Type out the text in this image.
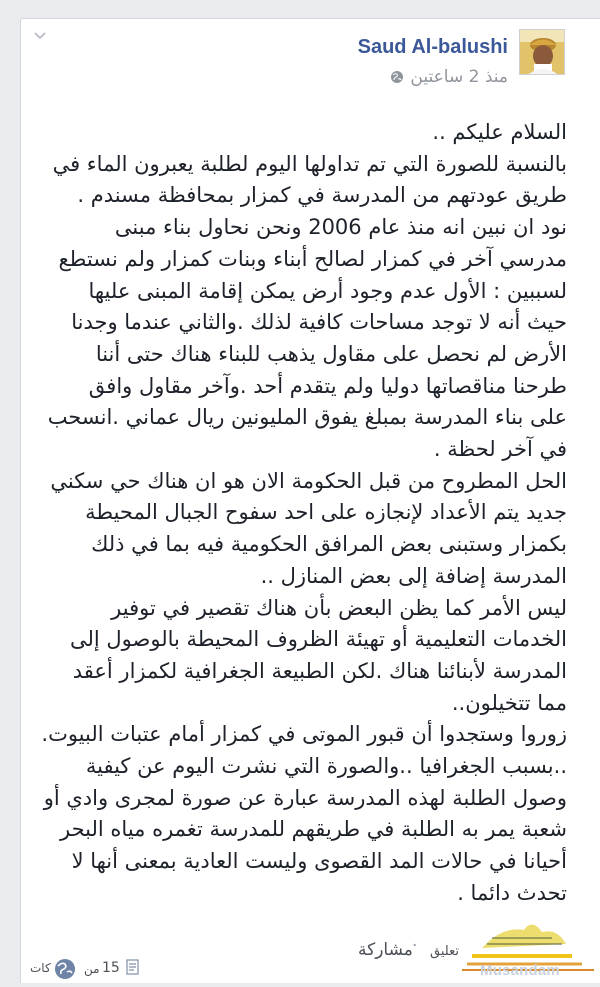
Saud Al-balushi
منذ 2 ساعتين

السلام عليكم ..

بالنسبة للصورة التي تم تداولها اليوم لطلبة يعبرون الماء في

طريق عودتهم من المدرسة في كمزار بمحافظة مسندم .

نود ان نبين انه منذ عام 2006 ونحن نحاول بناء مبنى

مدرسي آخر في كمزار لصالح أبناء وبنات كمزار ولم نستطع

لسببين : الأول عدم وجود أرض يمكن إقامة المبنى عليها

حيث أنه لا توجد مساحات كافية لذلك .والثاني عندما وجدنا

الأرض لم نحصل على مقاول يذهب للبناء هناك حتى أننا

طرحنا مناقصاتها دوليا ولم يتقدم أحد .وآخر مقاول وافق

على بناء المدرسة بمبلغ يفوق المليونين ريال عماني .انسحب

في آخر لحظة .

الحل المطروح من قبل الحكومة الان هو ان هناك حي سكني

جديد يتم الأعداد لإنجازه على احد سفوح الجبال المحيطة

بكمزار وستبنى بعض المرافق الحكومية فيه بما في ذلك

المدرسة إضافة إلى بعض المنازل ..

ليس الأمر كما يظن البعض بأن هناك تقصير في توفير

الخدمات التعليمية أو تهيئة الظروف المحيطة بالوصول إلى

المدرسة لأبنائنا هناك .لكن الطبيعة الجغرافية لكمزار أعقد

مما تتخيلون..

زوروا وستجدوا أن قبور الموتى في كمزار أمام عتبات البيوت.

..بسبب الجغرافيا ..والصورة التي نشرت اليوم عن كيفية

وصول الطلبة لهذه المدرسة عبارة عن صورة لمجرى وادي أو

شعبة يمر به الطلبة في طريقهم للمدرسة تغمره مياه البحر

أحيانا في حالات المد القصوى وليست العادية بمعنى أنها لا

تحدث دائما .

كات	من 15
مشاركة · تعليق
Musandam
